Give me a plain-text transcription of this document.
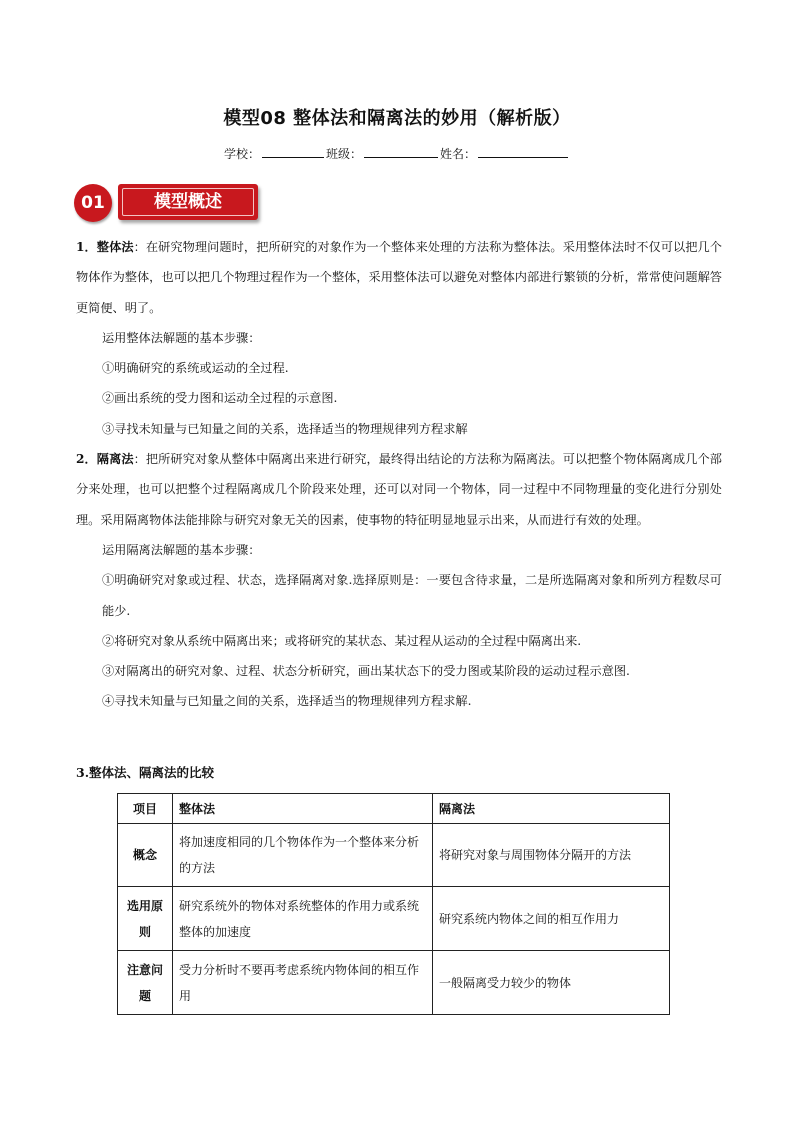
模型08 整体法和隔离法的妙用（解析版）
学校：	班级：	姓名：
01	模型概述

1．整体法：在研究物理问题时，把所研究的对象作为一个整体来处理的方法称为整体法。采用整体法时不仅可以把几个物体作为整体，也可以把几个物理过程作为一个整体，采用整体法可以避免对整体内部进行繁锁的分析，常常使问题解答更简便、明了。

运用整体法解题的基本步骤：

①明确研究的系统或运动的全过程.

②画出系统的受力图和运动全过程的示意图.

③寻找未知量与已知量之间的关系，选择适当的物理规律列方程求解

2．隔离法：把所研究对象从整体中隔离出来进行研究，最终得出结论的方法称为隔离法。可以把整个物体隔离成几个部分来处理，也可以把整个过程隔离成几个阶段来处理，还可以对同一个物体，同一过程中不同物理量的变化进行分别处理。采用隔离物体法能排除与研究对象无关的因素，使事物的特征明显地显示出来，从而进行有效的处理。

运用隔离法解题的基本步骤：

①明确研究对象或过程、状态，选择隔离对象.选择原则是：一要包含待求量，二是所选隔离对象和所列方程数尽可能少.

②将研究对象从系统中隔离出来；或将研究的某状态、某过程从运动的全过程中隔离出来.

③对隔离出的研究对象、过程、状态分析研究，画出某状态下的受力图或某阶段的运动过程示意图.

④寻找未知量与已知量之间的关系，选择适当的物理规律列方程求解.

3.整体法、隔离法的比较
项目	整体法	隔离法
概念	将加速度相同的几个物体作为一个整体来分析的方法	将研究对象与周围物体分隔开的方法
选用原则	研究系统外的物体对系统整体的作用力或系统整体的加速度	研究系统内物体之间的相互作用力
注意问题	受力分析时不要再考虑系统内物体间的相互作用	一般隔离受力较少的物体
